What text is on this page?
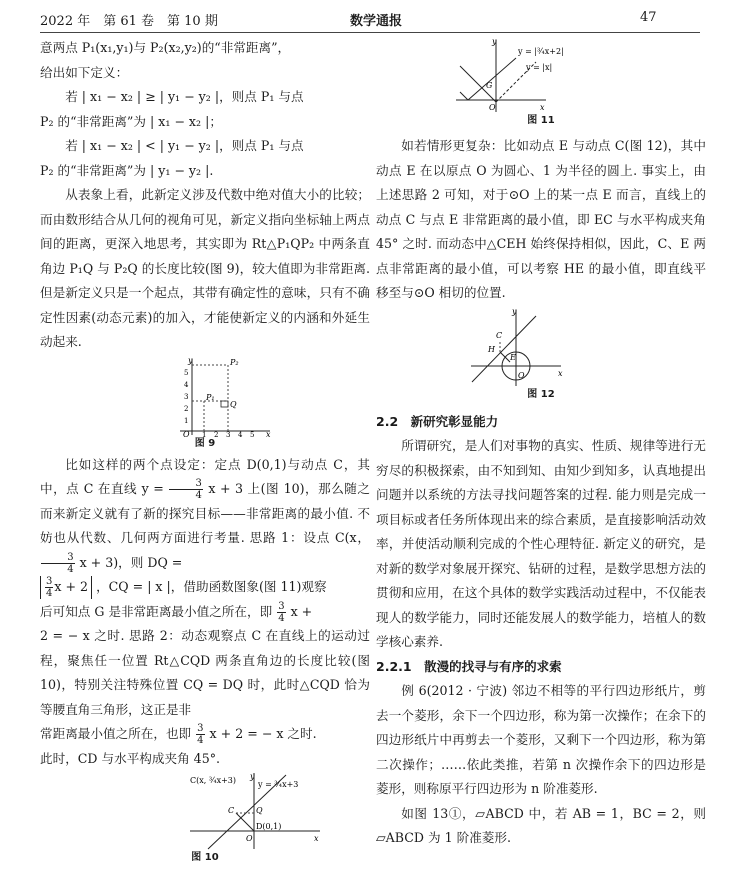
2022 年　第 61 卷　第 10 期	数学通报	47

意两点 P₁(x₁,y₁)与 P₂(x₂,y₂)的“非常距离”，

给出如下定义：

若 | x₁ − x₂ | ≥ | y₁ − y₂ |，则点 P₁ 与点

P₂ 的“非常距离”为 | x₁ − x₂ |；

若 | x₁ − x₂ | < | y₁ − y₂ |，则点 P₁ 与点

P₂ 的“非常距离”为 | y₁ − y₂ |.

从表象上看，此新定义涉及代数中绝对值大小的比较；而由数形结合从几何的视角可见，新定义指向坐标轴上两点间的距离，更深入地思考，其实即为 Rt△P₁QP₂ 中两条直角边 P₁Q 与 P₂Q 的长度比较(图 9)，较大值即为非常距离. 但是新定义只是一个起点，其带有确定性的意味，只有不确定性因素(动态元素)的加入，才能使新定义的内涵和外延生动起来.

x
y
O
1
2
3
4
5
1 2 3 4 5
P₂
P₁
Q
图 9

比如这样的两个点设定：定点 D(0,1)与动点 C，其中，点 C 在直线 $y = \frac{3}{4}$ x + 3 上(图 10)，那么随之而来新定义就有了新的探究目标——非常距离的最小值. 不妨也从代数、几何两方面进行考量. 思路 1：设点 C(x，
$\frac{3}{4}$ x + 3)，则 DQ =

$\frac{3}{4}$ x + 2 ，CQ = | x |，借助函数图象(图 11)观察

后可知点 G 是非常距离最小值之所在，即 $\frac{3}{4}$ x +

2 = − x 之时. 思路 2：动态观察点 C 在直线上的运动过程，聚焦任一位置 Rt△CQD 两条直角边的长度比较(图 10)，特别关注特殊位置 CQ = DQ 时，此时△CQD 恰为等腰直角三角形，这正是非

常距离最小值之所在，也即 $\frac{3}{4}$ x + 2 = − x 之时.

此时，CD 与水平构成夹角 45°.

C(x, ¾x+3)	y = ¾x+3
C	Q
D(0,1)
O
y
x
图 10
y = |¾x+2|
y = |x|
G
O
y
x
图 11

如若情形更复杂：比如动点 E 与动点 C(图 12)，其中动点 E 在以原点 O 为圆心、1 为半径的圆上. 事实上，由上述思路 2 可知，对于⊙O 上的某一点 E 而言，直线上的动点 C 与点 E 非常距离的最小值，即 EC 与水平构成夹角 45° 之时. 而动态中△CEH 始终保持相似，因此，C、E 两点非常距离的最小值，可以考察 HE 的最小值，即直线平移至与⊙O 相切的位置.

C
H
E
O
y
x
图 12

2.2　新研究彰显能力

所谓研究，是人们对事物的真实、性质、规律等进行无穷尽的积极探索，由不知到知、由知少到知多，认真地提出问题并以系统的方法寻找问题答案的过程. 能力则是完成一项目标或者任务所体现出来的综合素质，是直接影响活动效率，并使活动顺利完成的个性心理特征. 新定义的研究，是对新的数学对象展开探究、钻研的过程，是数学思想方法的贯彻和应用，在这个具体的数学实践活动过程中，不仅能表现人的数学能力，同时还能发展人的数学能力，培植人的数学核心素养.

2.2.1　散漫的找寻与有序的求索

例 6(2012 · 宁波) 邻边不相等的平行四边形纸片，剪去一个菱形，余下一个四边形，称为第一次操作；在余下的四边形纸片中再剪去一个菱形，又剩下一个四边形，称为第二次操作；……依此类推，若第 n 次操作余下的四边形是菱形，则称原平行四边形为 n 阶准菱形.

如图 13①，▱ABCD 中，若 AB = 1，BC = 2，则▱ABCD 为 1 阶准菱形.
